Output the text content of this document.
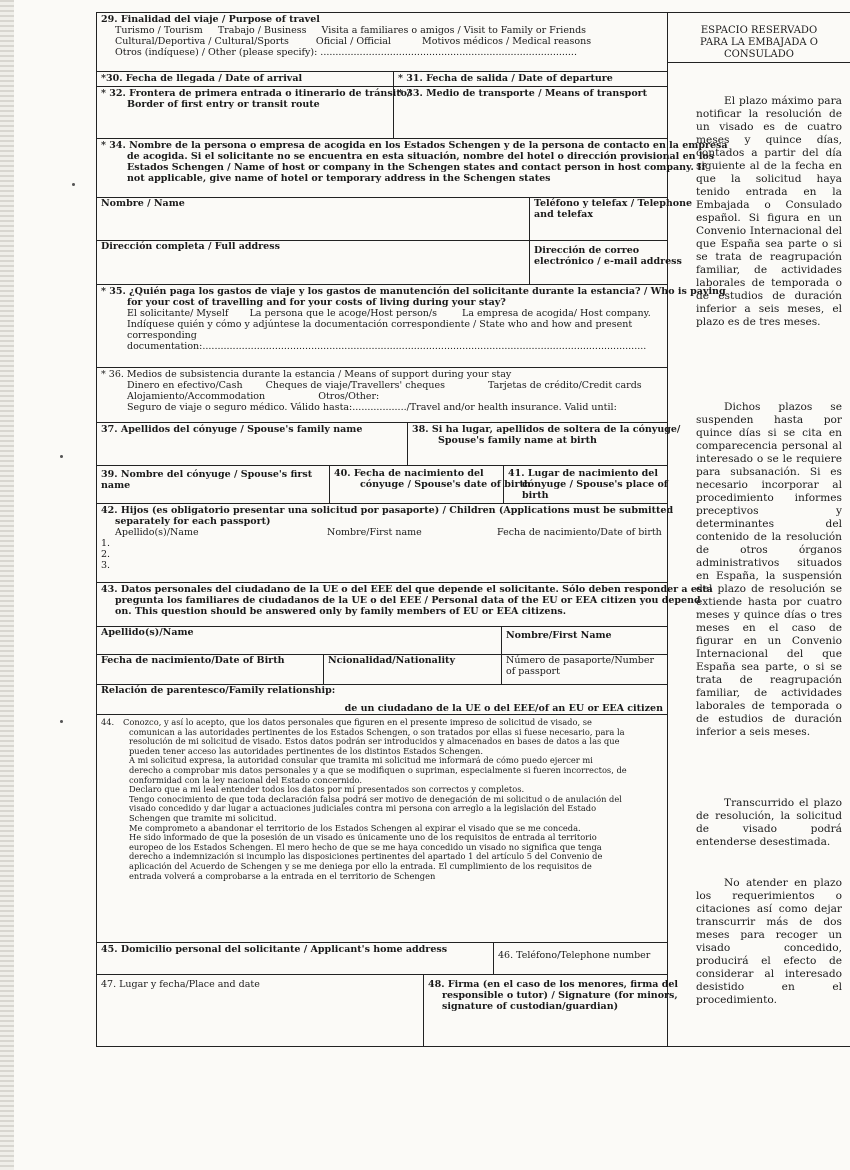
29. Finalidad del viaje / Purpose of travel
Turismo / Tourism Trabajo / Business Visita a familiares o amigos / Visit to Family or Friends
Cultural/Deportiva / Cultural/Sports	Oficial / Official	Motivos médicos / Medical reasons
Otros (indíquese) / Other (please specify): .....................................................................................
*30. Fecha de llegada / Date of arrival	* 31. Fecha de salida / Date of departure
* 32. Frontera de primera entrada o itinerario de tránsito/
Border of first entry or transit route
* 33. Medio de transporte / Means of transport
* 34. Nombre de la persona o empresa de acogida en los Estados Schengen y de la persona de contacto en la empresa
de acogida. Si el solicitante no se encuentra en esta situación, nombre del hotel o dirección provisional en los
Estados Schengen / Name of host or company in the Schengen states and contact person in host company. If
not applicable, give name of hotel or temporary address in the Schengen states
Nombre / Name	Teléfono y telefax / Telephone
and telefax
Dirección completa / Full address	Dirección de correo
electrónico / e-mail address
* 35. ¿Quién paga los gastos de viaje y los gastos de manutención del solicitante durante la estancia? / Who is paying
for your cost of travelling and for your costs of living during your stay?
El solicitante/ Myself La persona que le acoge/Host person/s	La empresa de acogida/ Host company.
Indíquese quién y cómo y adjúntese la documentación correspondiente / State who and how and present
corresponding
documentation:...................................................................................................................................................
* 36. Medios de subsistencia durante la estancia / Means of support during your stay
Dinero en efectivo/Cash Cheques de viaje/Travellers' cheques	Tarjetas de crédito/Credit cards
Alojamiento/Accommodation	Otros/Other:
Seguro de viaje o seguro médico. Válido hasta:................../Travel and/or health insurance. Valid until:
37. Apellidos del cónyuge / Spouse's family name	38. Si ha lugar, apellidos de soltera de la cónyuge/
Spouse's family name at birth
39. Nombre del cónyuge / Spouse's first name
40. Fecha de nacimiento del
cónyuge / Spouse's date of birth
41. Lugar de nacimiento del
cónyuge / Spouse's place of
birth
42. Hijos (es obligatorio presentar una solicitud por pasaporte) / Children (Applications must be submitted
separately for each passport)
Apellido(s)/Name	Nombre/First name	Fecha de nacimiento/Date of birth
1.
2.
3.
43. Datos personales del ciudadano de la UE o del EEE del que depende el solicitante. Sólo deben responder a esta
pregunta los familiares de ciudadanos de la UE o del EEE / Personal data of the EU or EEA citizen you depend
on. This question should be answered only by family members of EU or EEA citizens.
Apellido(s)/Name	Nombre/First Name
Fecha de nacimiento/Date of Birth	Ncionalidad/Nationality	Número de pasaporte/Number
of passport
Relación de parentesco/Family relationship:
de un ciudadano de la UE o del EEE/of an EU or EEA citizen
44. Conozco, y así lo acepto, que los datos personales que figuren en el presente impreso de solicitud de visado, se
comunican a las autoridades pertinentes de los Estados Schengen, o son tratados por ellas si fuese necesario, para la
resolución de mi solicitud de visado. Estos datos podrán ser introducidos y almacenados en bases de datos a las que
pueden tener acceso las autoridades pertinentes de los distintos Estados Schengen.
A mi solicitud expresa, la autoridad consular que tramita mi solicitud me informará de cómo puedo ejercer mi
derecho a comprobar mis datos personales y a que se modifiquen o supriman, especialmente si fueren incorrectos, de
conformidad con la ley nacional del Estado concernido.
Declaro que a mi leal entender todos los datos por mí presentados son correctos y completos.
Tengo conocimiento de que toda declaración falsa podrá ser motivo de denegación de mi solicitud o de anulación del
visado concedido y dar lugar a actuaciones judiciales contra mi persona con arreglo a la legislación del Estado
Schengen que tramite mi solicitud.
Me comprometo a abandonar el territorio de los Estados Schengen al expirar el visado que se me conceda.
He sido informado de que la posesión de un visado es únicamente uno de los requisitos de entrada al territorio
europeo de los Estados Schengen. El mero hecho de que se me haya concedido un visado no significa que tenga
derecho a indemnización si incumplo las disposiciones pertinentes del apartado 1 del artículo 5 del Convenio de
aplicación del Acuerdo de Schengen y se me deniega por ello la entrada. El cumplimiento de los requisitos de
entrada volverá a comprobarse a la entrada en el territorio de Schengen
45. Domicilio personal del solicitante / Applicant's home address
46. Teléfono/Telephone number
47. Lugar y fecha/Place and date	48. Firma (en el caso de los menores, firma del
responsible o tutor) / Signature (for minors,
signature of custodian/guardian)
ESPACIO RESERVADO
PARA LA EMBAJADA O
CONSULADO

El plazo máximo para notificar la resolución de un visado es de cuatro meses y quince días, contados a partir del día siguiente al de la fecha en que la solicitud haya tenido entrada en la Embajada o Consulado español. Si figura en un Convenio Internacional del que España sea parte o si se trata de reagrupación familiar, de actividades laborales de temporada o de estudios de duración inferior a seis meses, el plazo es de tres meses.

Dichos plazos se suspenden hasta por quince días si se cita en comparecencia personal al interesado o se le requiere para subsanación. Si es necesario incorporar al procedimiento informes preceptivos y determinantes del contenido de la resolución de otros órganos administrativos situados en España, la suspensión del plazo de resolución se extiende hasta por cuatro meses y quince días o tres meses en el caso de figurar en un Convenio Internacional del que España sea parte, o si se trata de reagrupación familiar, de actividades laborales de temporada o de estudios de duración inferior a seis meses.

Transcurrido el plazo de resolución, la solicitud de visado podrá entenderse desestimada.

No atender en plazo los requerimientos o citaciones así como dejar transcurrir más de dos meses para recoger un visado concedido, producirá el efecto de considerar al interesado desistido en el procedimiento.
